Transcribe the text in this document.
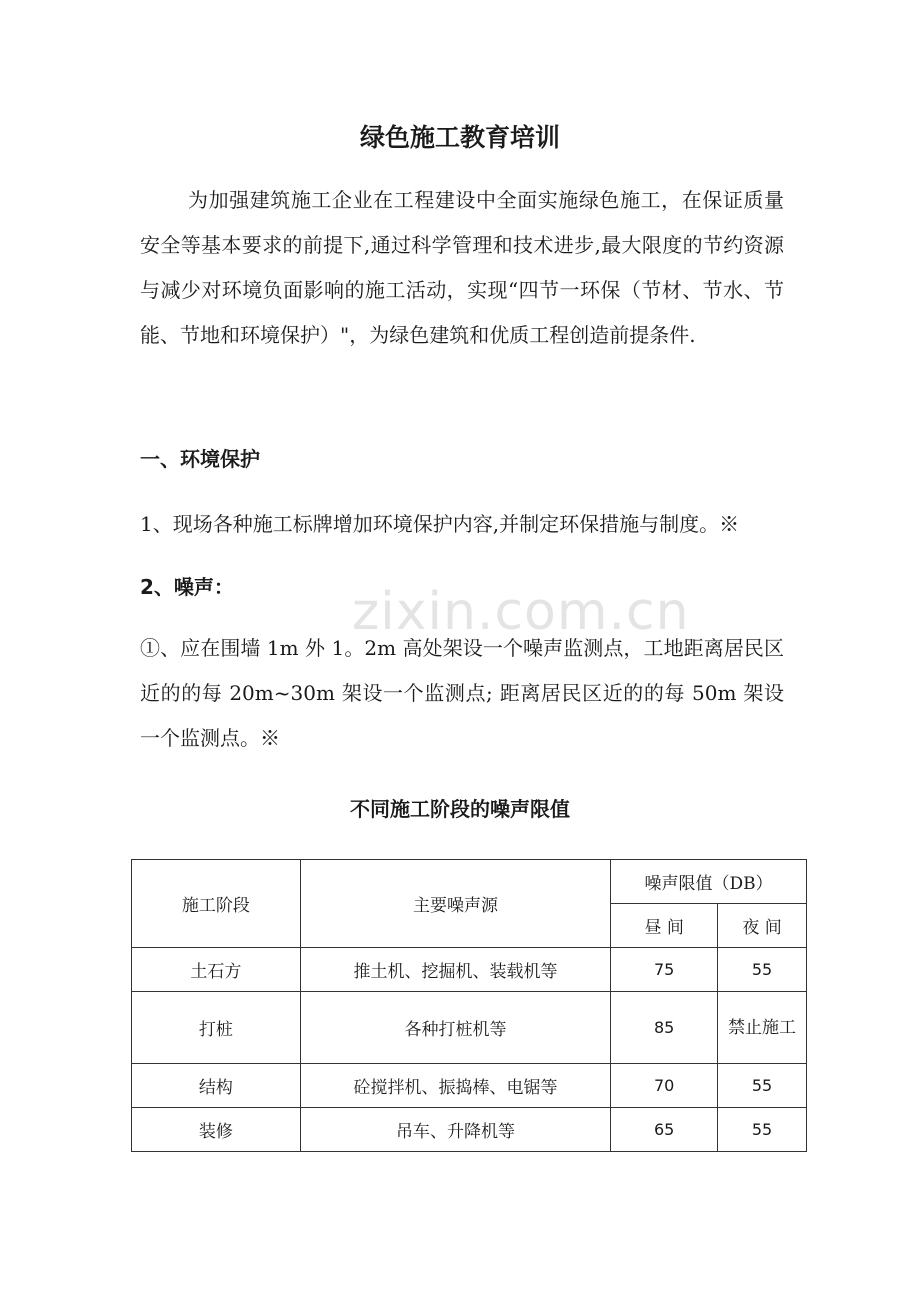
绿色施工教育培训

为加强建筑施工企业在工程建设中全面实施绿色施工，在保证质量安全等基本要求的前提下,通过科学管理和技术进步,最大限度的节约资源与减少对环境负面影响的施工活动，实现“四节一环保（节材、节水、节能、节地和环境保护）"，为绿色建筑和优质工程创造前提条件.

一、环境保护
1、现场各种施工标牌增加环境保护内容,并制定环保措施与制度。※
2、噪声： zixin.com.cn

①、应在围墙 1m 外 1。2m 高处架设一个噪声监测点，工地距离居民区近的的每 20m~30m 架设一个监测点; 距离居民区近的的每 50m 架设一个监测点。※

不同施工阶段的噪声限值
施工阶段	主要噪声源	噪声限值（DB）	
		昼 间	夜 间
土石方	推土机、挖掘机、装载机等	75	55
打桩	各种打桩机等	85	禁止施工
结构	砼搅拌机、振捣棒、电锯等	70	55
装修	吊车、升降机等	65	55
